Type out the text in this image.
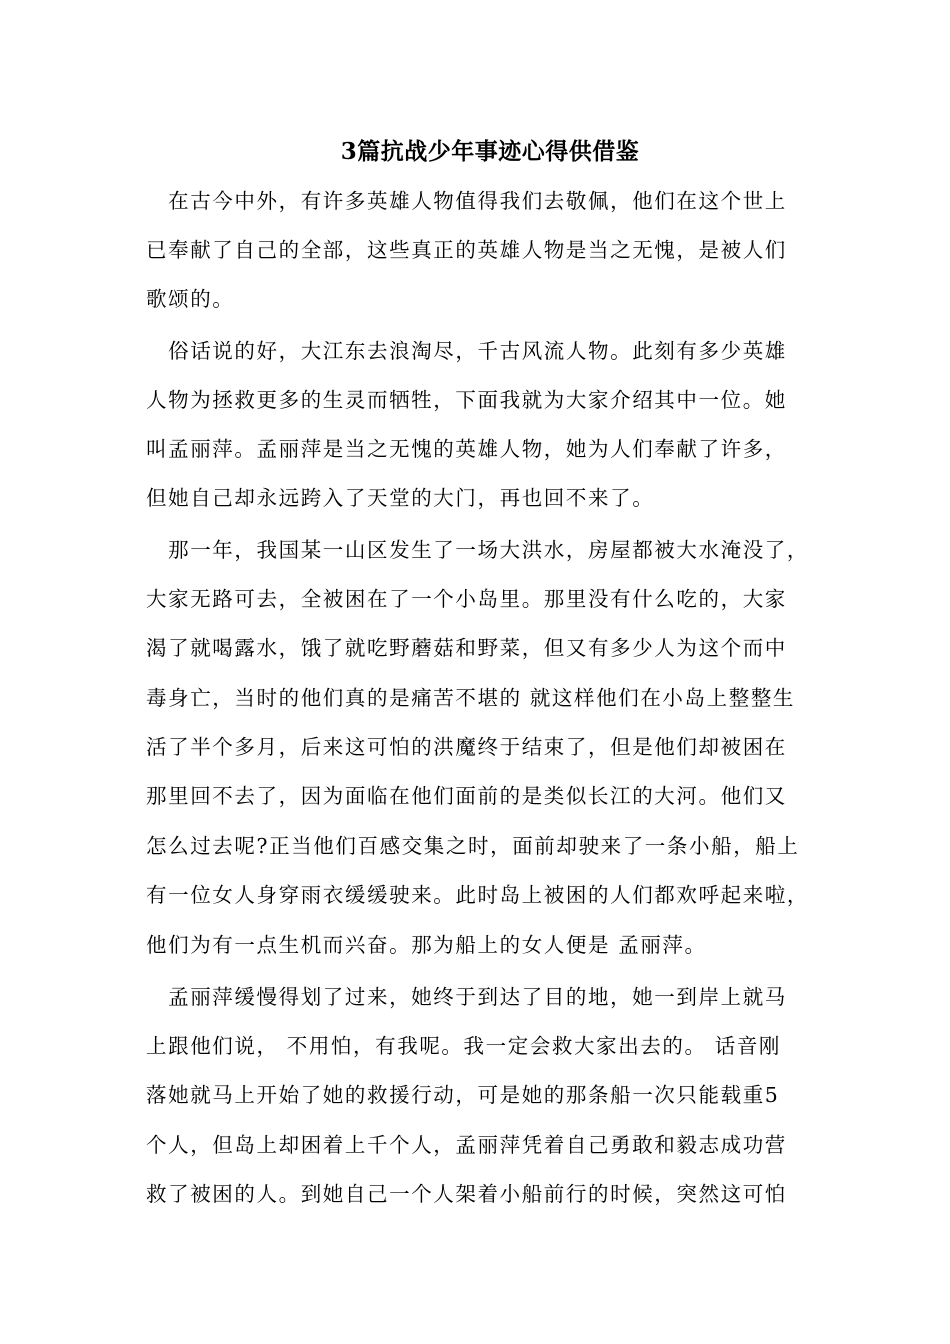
3篇抗战少年事迹心得供借鉴
　在古今中外，有许多英雄人物值得我们去敬佩，他们在这个世上
已奉献了自己的全部，这些真正的英雄人物是当之无愧，是被人们
歌颂的。
　俗话说的好，大江东去浪淘尽，千古风流人物。此刻有多少英雄
人物为拯救更多的生灵而牺牲，下面我就为大家介绍其中一位。她
叫孟丽萍。孟丽萍是当之无愧的英雄人物，她为人们奉献了许多，
但她自己却永远跨入了天堂的大门，再也回不来了。
　那一年，我国某一山区发生了一场大洪水，房屋都被大水淹没了，
大家无路可去，全被困在了一个小岛里。那里没有什么吃的，大家
渴了就喝露水，饿了就吃野蘑菇和野菜，但又有多少人为这个而中
毒身亡，当时的他们真的是痛苦不堪的 就这样他们在小岛上整整生
活了半个多月，后来这可怕的洪魔终于结束了，但是他们却被困在
那里回不去了，因为面临在他们面前的是类似长江的大河。他们又
怎么过去呢?正当他们百感交集之时，面前却驶来了一条小船，船上
有一位女人身穿雨衣缓缓驶来。此时岛上被困的人们都欢呼起来啦，
他们为有一点生机而兴奋。那为船上的女人便是 孟丽萍。
　孟丽萍缓慢得划了过来，她终于到达了目的地，她一到岸上就马
上跟他们说， 不用怕，有我呢。我一定会救大家出去的。 话音刚
落她就马上开始了她的救援行动，可是她的那条船一次只能载重5
个人，但岛上却困着上千个人，孟丽萍凭着自己勇敢和毅志成功营
救了被困的人。到她自己一个人架着小船前行的时候，突然这可怕
